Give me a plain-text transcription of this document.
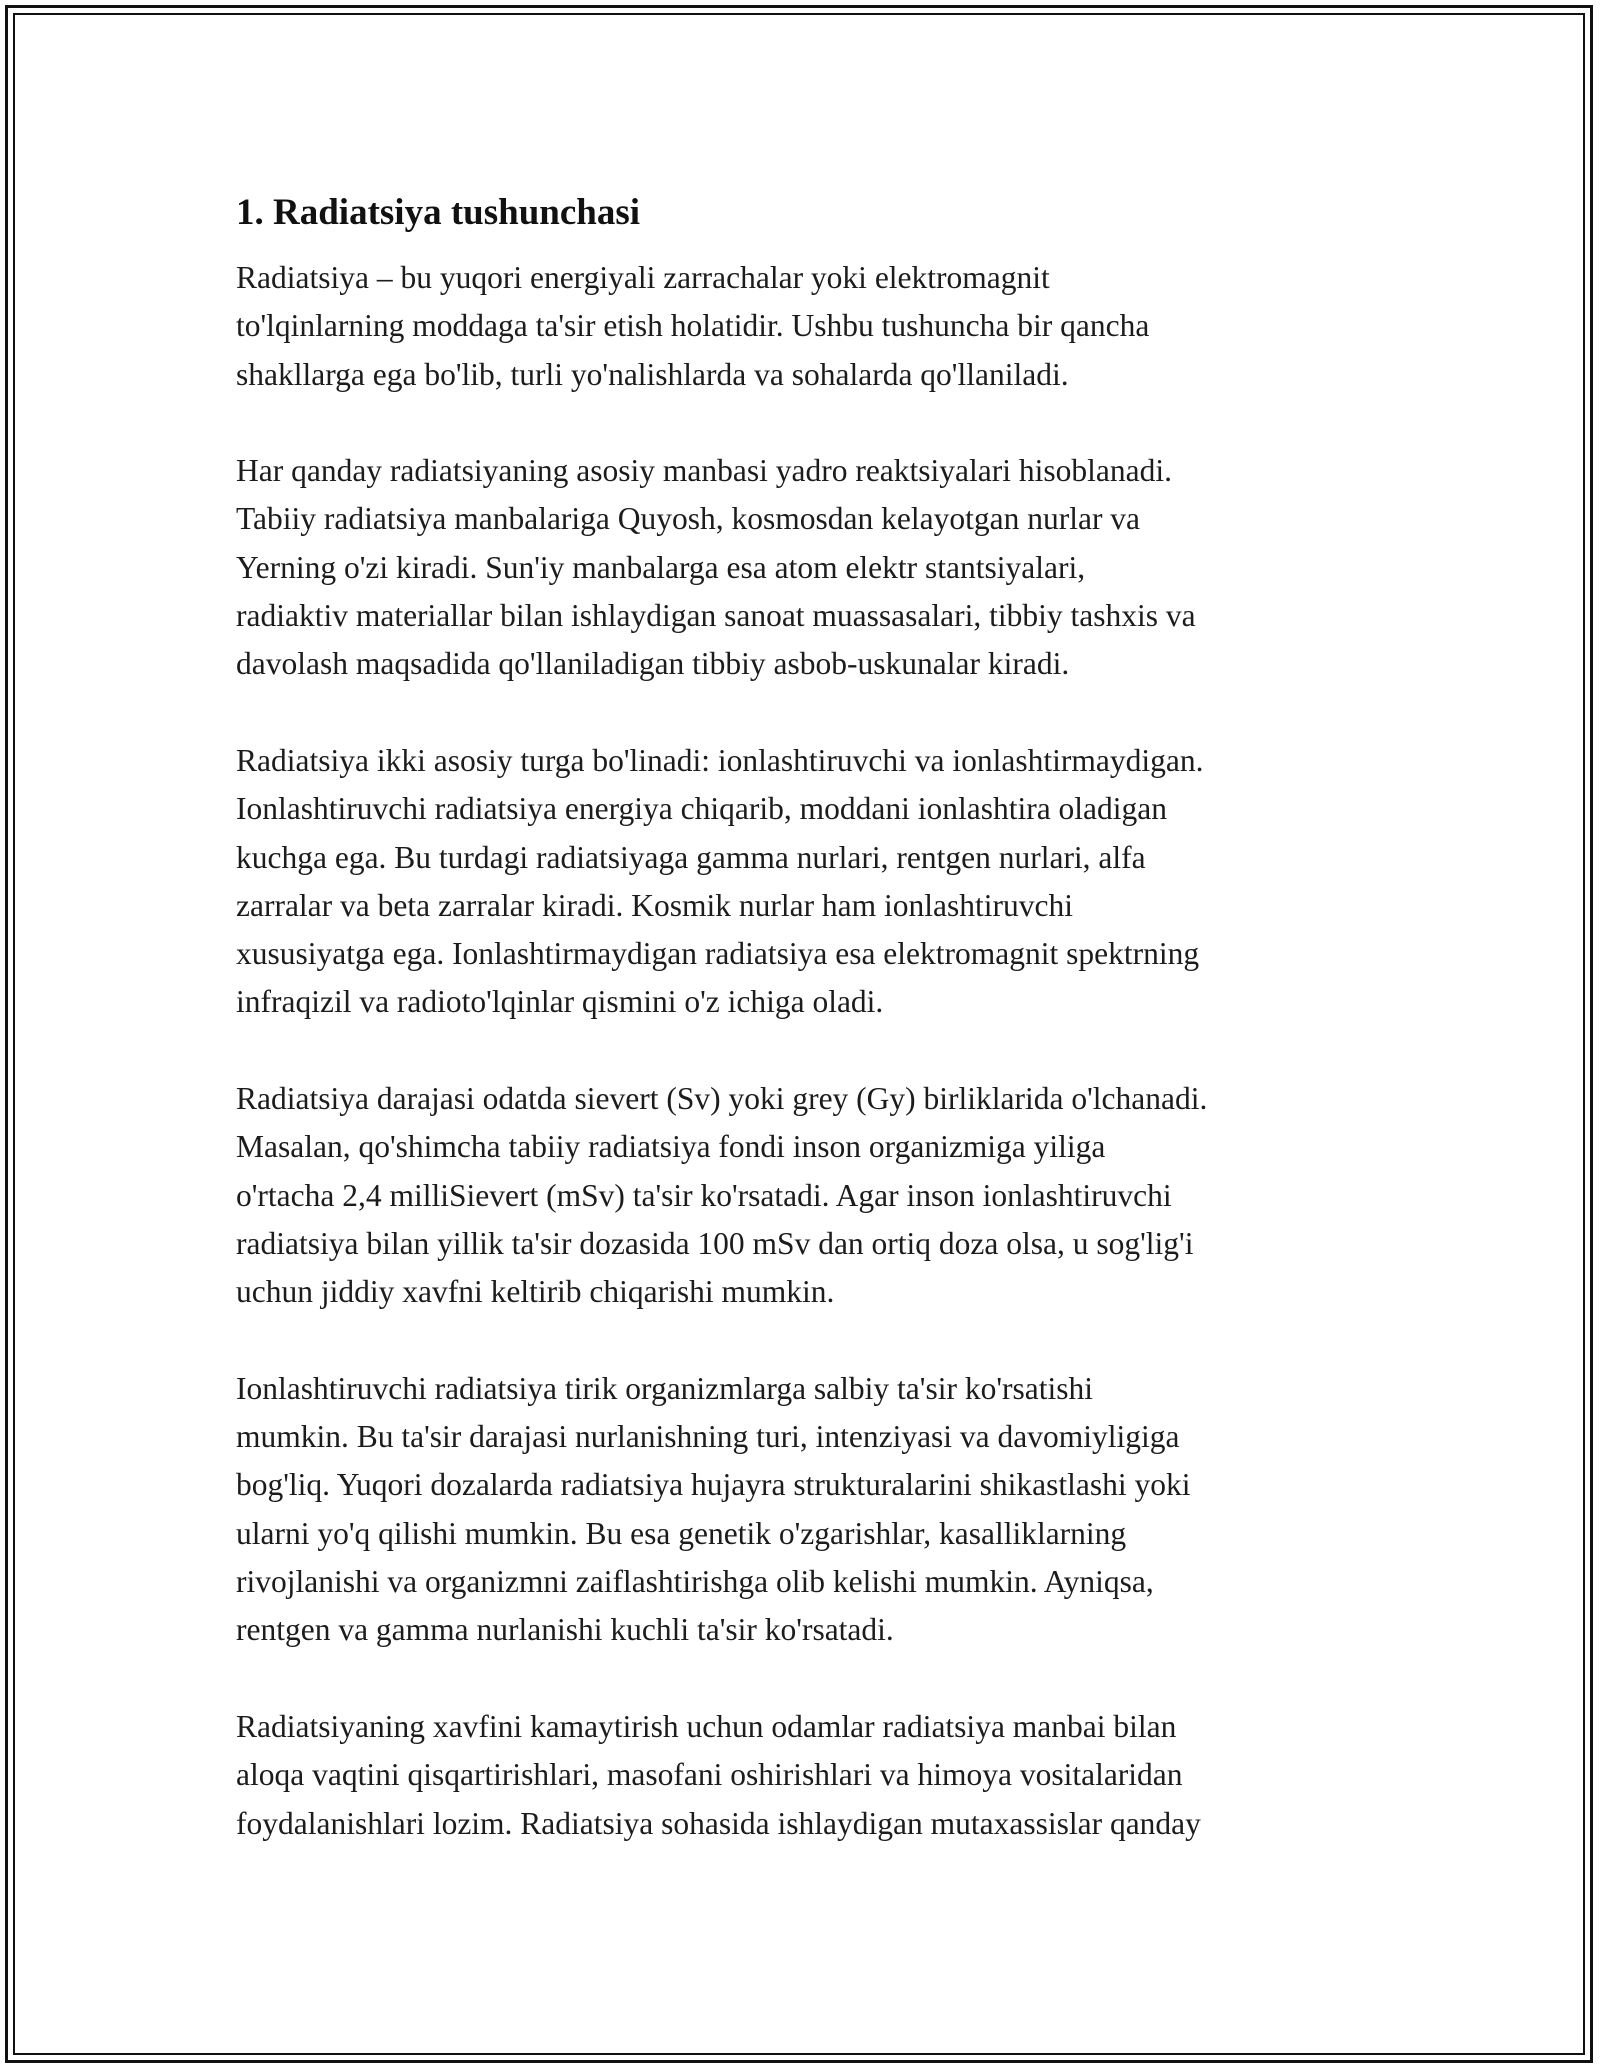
1. Radiatsiya tushunchasi

Radiatsiya – bu yuqori energiyali zarrachalar yoki elektromagnit
to'lqinlarning moddaga ta'sir etish holatidir. Ushbu tushuncha bir qancha
shakllarga ega bo'lib, turli yo'nalishlarda va sohalarda qo'llaniladi.

Har qanday radiatsiyaning asosiy manbasi yadro reaktsiyalari hisoblanadi.
Tabiiy radiatsiya manbalariga Quyosh, kosmosdan kelayotgan nurlar va
Yerning o'zi kiradi. Sun'iy manbalarga esa atom elektr stantsiyalari,
radiaktiv materiallar bilan ishlaydigan sanoat muassasalari, tibbiy tashxis va
davolash maqsadida qo'llaniladigan tibbiy asbob-uskunalar kiradi.

Radiatsiya ikki asosiy turga bo'linadi: ionlashtiruvchi va ionlashtirmaydigan.
Ionlashtiruvchi radiatsiya energiya chiqarib, moddani ionlashtira oladigan
kuchga ega. Bu turdagi radiatsiyaga gamma nurlari, rentgen nurlari, alfa
zarralar va beta zarralar kiradi. Kosmik nurlar ham ionlashtiruvchi
xususiyatga ega. Ionlashtirmaydigan radiatsiya esa elektromagnit spektrning
infraqizil va radioto'lqinlar qismini o'z ichiga oladi.

Radiatsiya darajasi odatda sievert (Sv) yoki grey (Gy) birliklarida o'lchanadi.
Masalan, qo'shimcha tabiiy radiatsiya fondi inson organizmiga yiliga
o'rtacha 2,4 milliSievert (mSv) ta'sir ko'rsatadi. Agar inson ionlashtiruvchi
radiatsiya bilan yillik ta'sir dozasida 100 mSv dan ortiq doza olsa, u sog'lig'i
uchun jiddiy xavfni keltirib chiqarishi mumkin.

Ionlashtiruvchi radiatsiya tirik organizmlarga salbiy ta'sir ko'rsatishi
mumkin. Bu ta'sir darajasi nurlanishning turi, intenziyasi va davomiyligiga
bog'liq. Yuqori dozalarda radiatsiya hujayra strukturalarini shikastlashi yoki
ularni yo'q qilishi mumkin. Bu esa genetik o'zgarishlar, kasalliklarning
rivojlanishi va organizmni zaiflashtirishga olib kelishi mumkin. Ayniqsa,
rentgen va gamma nurlanishi kuchli ta'sir ko'rsatadi.

Radiatsiyaning xavfini kamaytirish uchun odamlar radiatsiya manbai bilan
aloqa vaqtini qisqartirishlari, masofani oshirishlari va himoya vositalaridan
foydalanishlari lozim. Radiatsiya sohasida ishlaydigan mutaxassislar qanday
